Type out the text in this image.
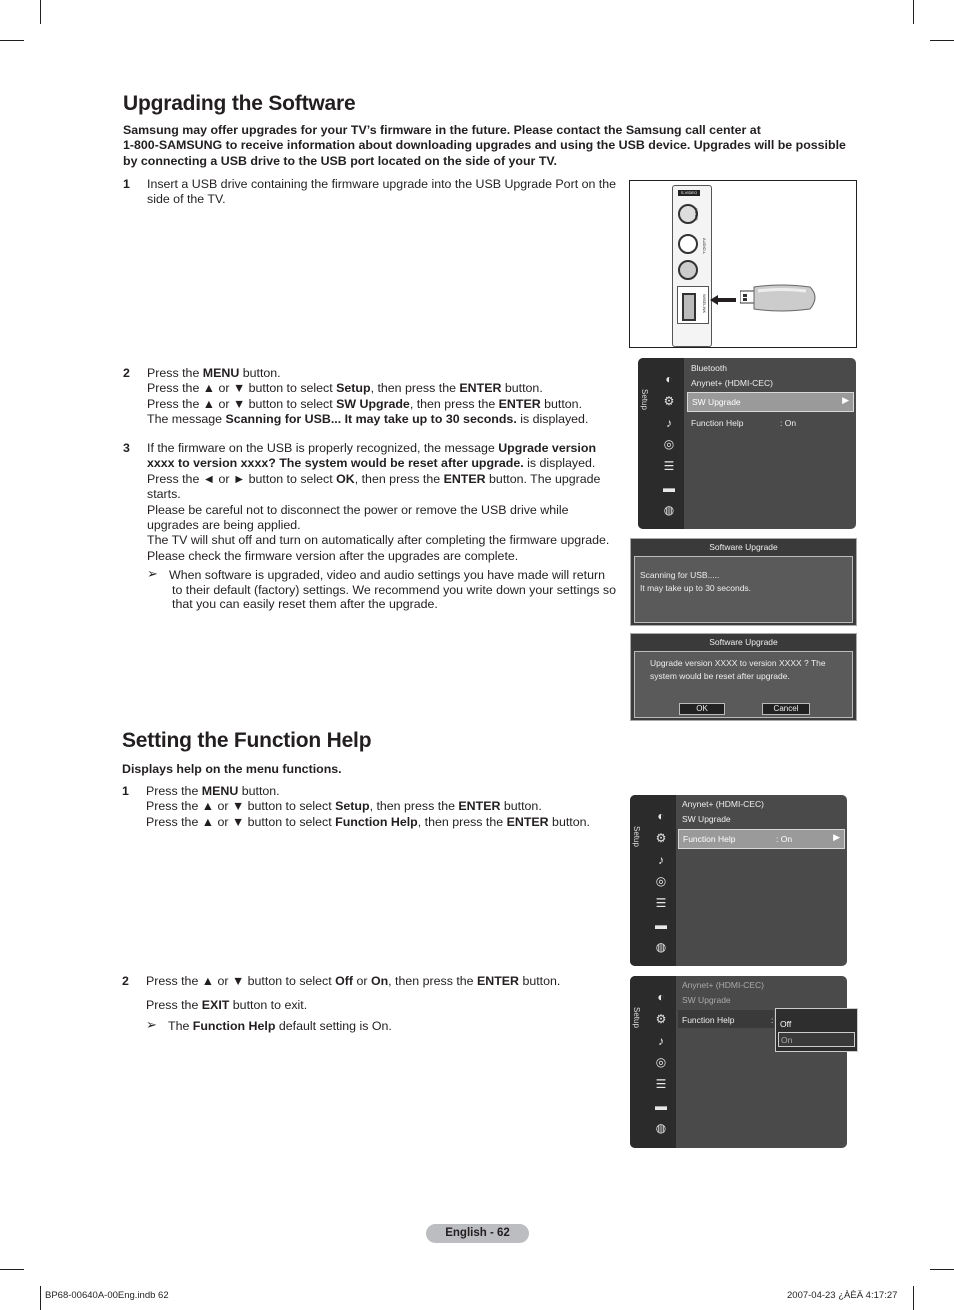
Upgrading the Software
Samsung may offer upgrades for your TV’s firmware in the future. Please contact the Samsung call center at
1-800-SAMSUNG to receive information about downloading upgrades and using the USB device. Upgrades will be possible
by connecting a USB drive to the USB port located on the side of your TV.
1 Insert a USB drive containing the firmware upgrade into the USB Upgrade Port on the
side of the TV.	S-VIDEO
VIDEO
AUDIO-L
WISELINK
2 Press the MENU button.
Press the ▲ or ▼ button to select Setup, then press the ENTER button.
Press the ▲ or ▼ button to select SW Upgrade, then press the ENTER button.
The message Scanning for USB... It may take up to 30 seconds. is displayed.
3 If the firmware on the USB is properly recognized, the message Upgrade version
xxxx to version xxxx? The system would be reset after upgrade. is displayed.
Press the ◄ or ► button to select OK, then press the ENTER button. The upgrade
starts.
Please be careful not to disconnect the power or remove the USB drive while
upgrades are being applied.
The TV will shut off and turn on automatically after completing the firmware upgrade.
Please check the firmware version after the upgrades are complete.
➢ When software is upgraded, video and audio settings you have made will return
to their default (factory) settings. We recommend you write down your settings so
that you can easily reset them after the upgrade.
Setup
◐
⚙
♪
◎
☰
▬
◍
Bluetooth
Anynet+ (HDMI-CEC)
SW Upgrade	▶
Function Help	: On
Software Upgrade
Scanning for USB.....
It may take up to 30 seconds.
Software Upgrade
Upgrade version XXXX to version XXXX ? The
system would be reset after upgrade.
OK	Cancel
Setting the Function Help
Displays help on the menu functions.
1 Press the MENU button.
Press the ▲ or ▼ button to select Setup, then press the ENTER button.
Press the ▲ or ▼ button to select Function Help, then press the ENTER button.
2 Press the ▲ or ▼ button to select Off or On, then press the ENTER button.
Press the EXIT button to exit.
➢ The Function Help default setting is On.
Setup
◐
⚙
♪
◎
☰
▬
◍
Anynet+ (HDMI-CEC)
SW Upgrade
Function Help	: On	▶
Setup
◐
⚙
♪
◎
☰
▬
◍
Anynet+ (HDMI-CEC)
SW Upgrade
Function Help	: Off
On
English - 62
BP68-00640A-00Eng.indb 62	2007-04-23 ¿ÀÈÄ 4:17:27
